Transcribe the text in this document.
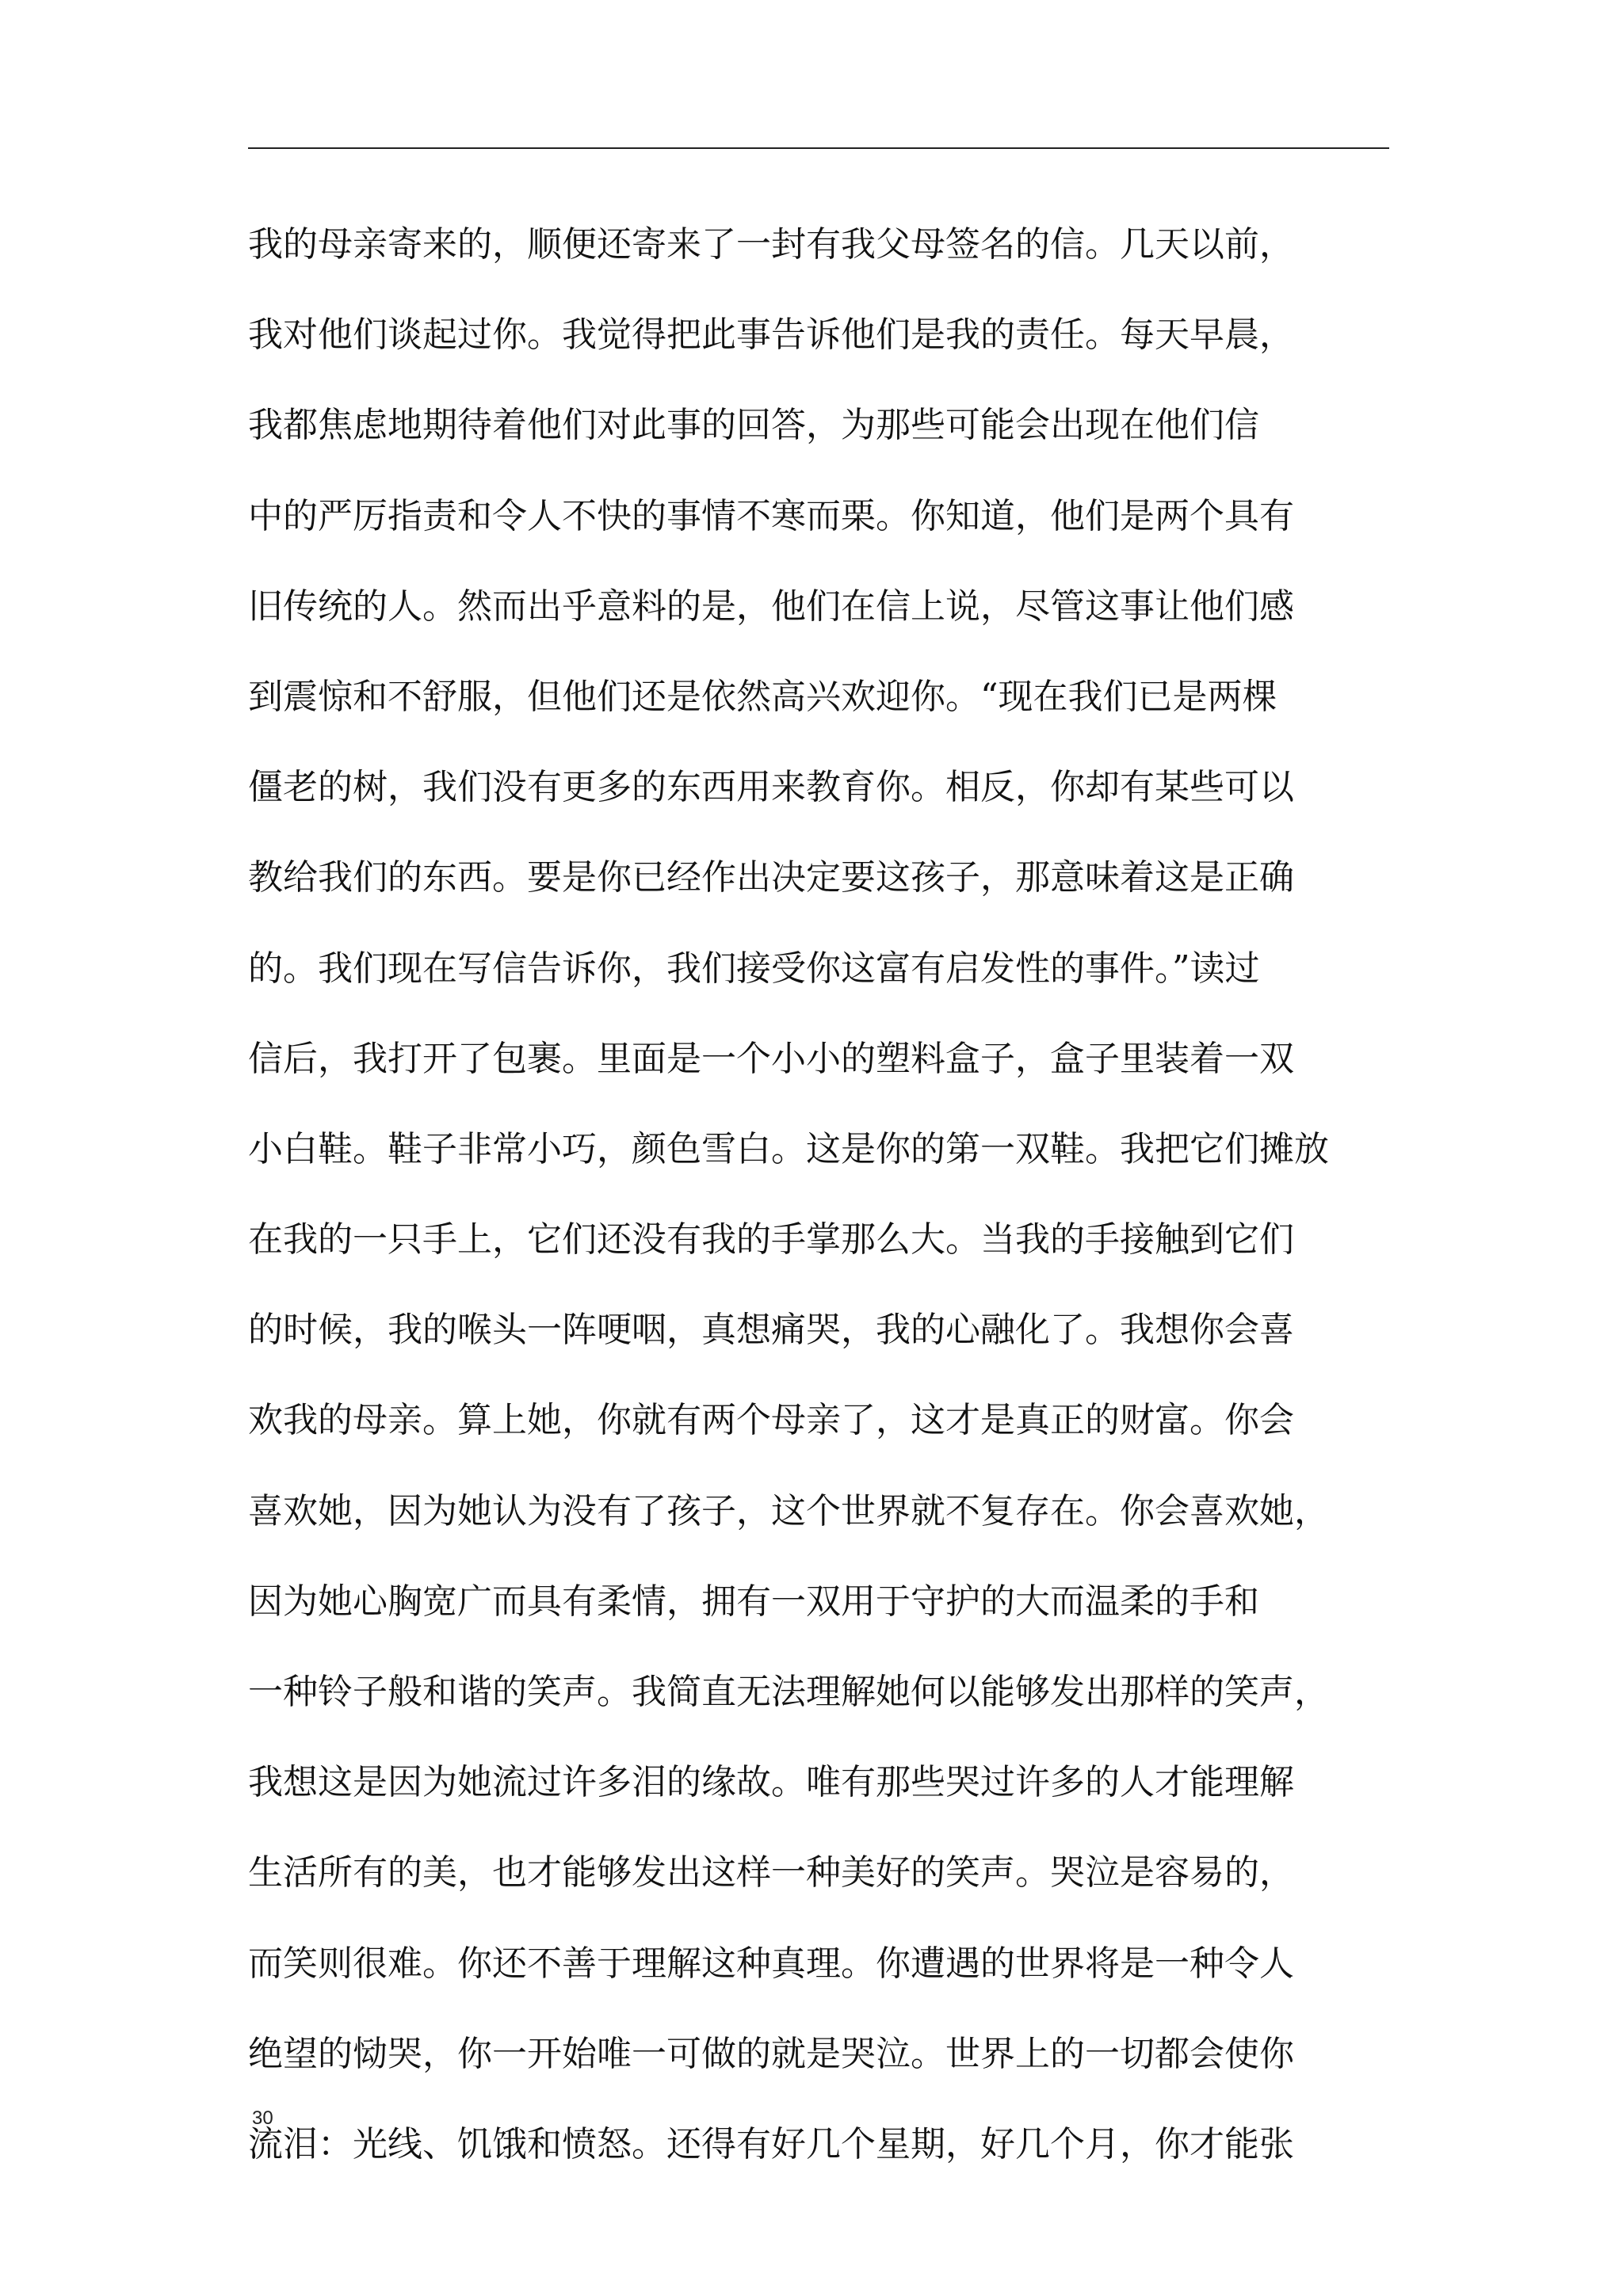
我的母亲寄来的，顺便还寄来了一封有我父母签名的信。几天以前，
我对他们谈起过你。我觉得把此事告诉他们是我的责任。每天早晨，
我都焦虑地期待着他们对此事的回答，为那些可能会出现在他们信
中的严厉指责和令人不快的事情不寒而栗。你知道，他们是两个具有
旧传统的人。然而出乎意料的是，他们在信上说，尽管这事让他们感
到震惊和不舒服，但他们还是依然高兴欢迎你。“现在我们已是两棵
僵老的树，我们没有更多的东西用来教育你。相反，你却有某些可以
教给我们的东西。要是你已经作出决定要这孩子，那意味着这是正确
的。我们现在写信告诉你，我们接受你这富有启发性的事件。”读过
信后，我打开了包裹。里面是一个小小的塑料盒子，盒子里装着一双
小白鞋。鞋子非常小巧，颜色雪白。这是你的第一双鞋。我把它们摊放
在我的一只手上，它们还没有我的手掌那么大。当我的手接触到它们
的时候，我的喉头一阵哽咽，真想痛哭，我的心融化了。我想你会喜
欢我的母亲。算上她，你就有两个母亲了，这才是真正的财富。你会
喜欢她，因为她认为没有了孩子，这个世界就不复存在。你会喜欢她，
因为她心胸宽广而具有柔情，拥有一双用于守护的大而温柔的手和
一种铃子般和谐的笑声。我简直无法理解她何以能够发出那样的笑声，
我想这是因为她流过许多泪的缘故。唯有那些哭过许多的人才能理解
生活所有的美，也才能够发出这样一种美好的笑声。哭泣是容易的，
而笑则很难。你还不善于理解这种真理。你遭遇的世界将是一种令人
绝望的恸哭，你一开始唯一可做的就是哭泣。世界上的一切都会使你
流泪：光线、饥饿和愤怒。还得有好几个星期，好几个月，你才能张
30
